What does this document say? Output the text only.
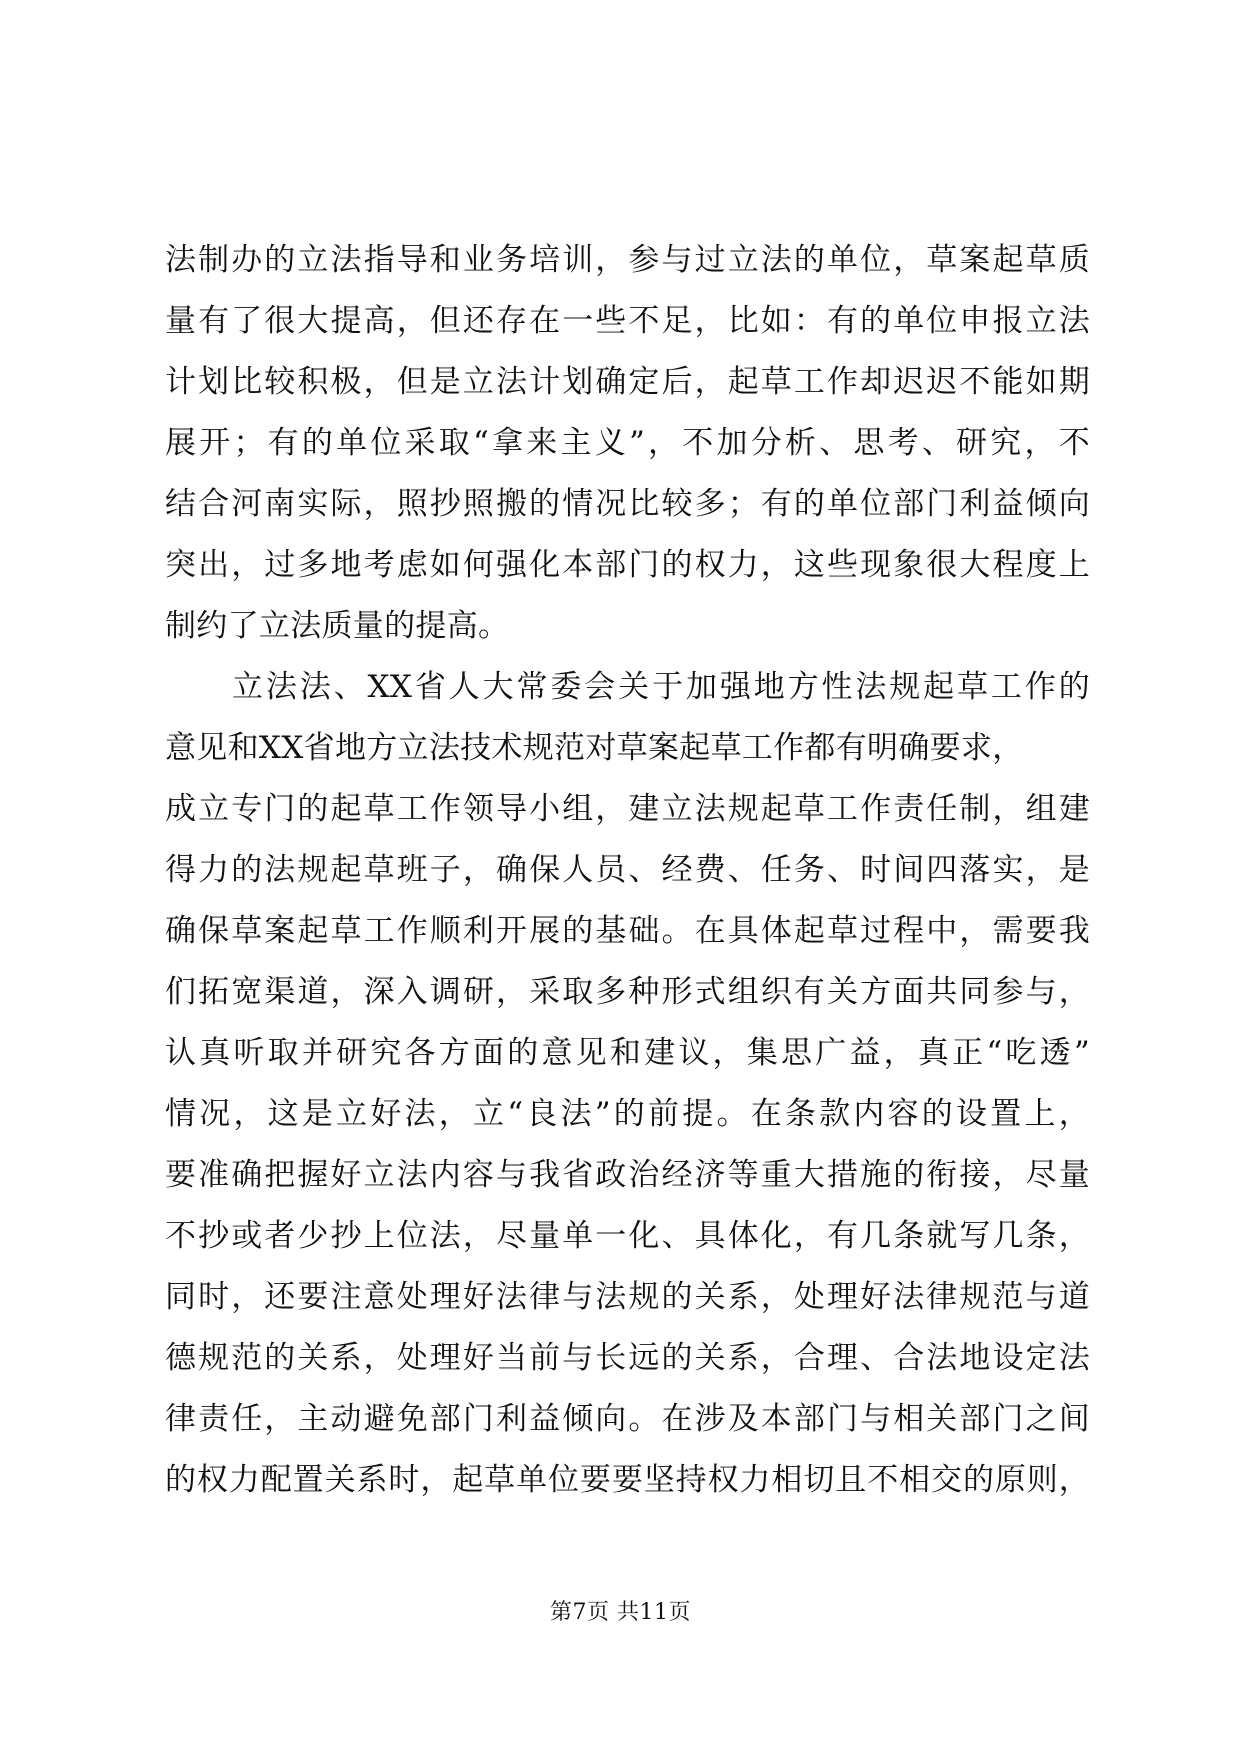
法制办的立法指导和业务培训，参与过立法的单位，草案起草质
量有了很大提高，但还存在一些不足，比如：有的单位申报立法
计划比较积极，但是立法计划确定后，起草工作却迟迟不能如期
展开；有的单位采取“拿来主义”，不加分析、思考、研究，不
结合河南实际，照抄照搬的情况比较多；有的单位部门利益倾向
突出，过多地考虑如何强化本部门的权力，这些现象很大程度上
制约了立法质量的提高。
立法法、XX省人大常委会关于加强地方性法规起草工作的
意见和XX省地方立法技术规范对草案起草工作都有明确要求，
成立专门的起草工作领导小组，建立法规起草工作责任制，组建
得力的法规起草班子，确保人员、经费、任务、时间四落实，是
确保草案起草工作顺利开展的基础。在具体起草过程中，需要我
们拓宽渠道，深入调研，采取多种形式组织有关方面共同参与，
认真听取并研究各方面的意见和建议，集思广益，真正“吃透”
情况，这是立好法，立“良法”的前提。在条款内容的设置上，
要准确把握好立法内容与我省政治经济等重大措施的衔接，尽量
不抄或者少抄上位法，尽量单一化、具体化，有几条就写几条，
同时，还要注意处理好法律与法规的关系，处理好法律规范与道
德规范的关系，处理好当前与长远的关系，合理、合法地设定法
律责任，主动避免部门利益倾向。在涉及本部门与相关部门之间
的权力配置关系时，起草单位要要坚持权力相切且不相交的原则，
第7页 共11页
